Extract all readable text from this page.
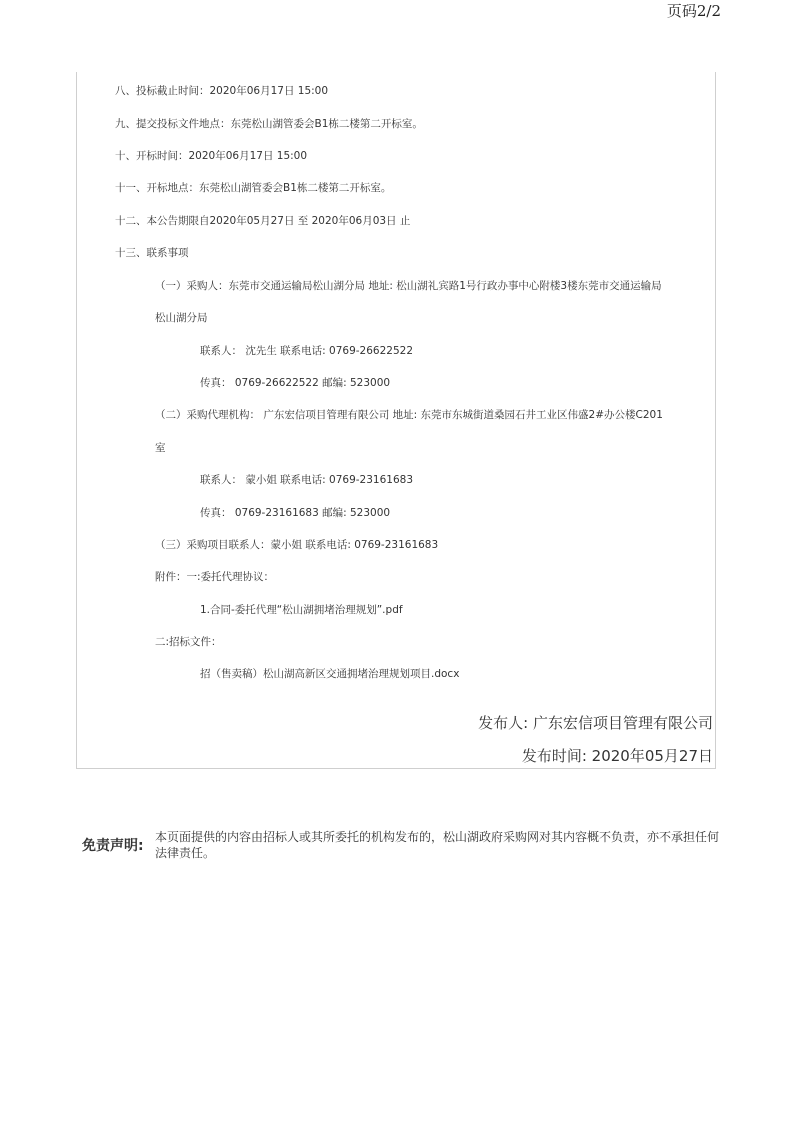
页码2/2
八、投标截止时间：2020年06月17日 15:00
九、提交投标文件地点：东莞松山湖管委会B1栋二楼第二开标室。
十、开标时间：2020年06月17日 15:00
十一、开标地点：东莞松山湖管委会B1栋二楼第二开标室。
十二、本公告期限自2020年05月27日 至 2020年06月03日 止
十三、联系事项
（一）采购人：东莞市交通运输局松山湖分局 地址: 松山湖礼宾路1号行政办事中心附楼3楼东莞市交通运输局
松山湖分局
联系人： 沈先生 联系电话: 0769-26622522
传真： 0769-26622522 邮编: 523000
（二）采购代理机构： 广东宏信项目管理有限公司 地址: 东莞市东城街道桑园石井工业区伟盛2#办公楼C201
室
联系人： 蒙小姐 联系电话: 0769-23161683
传真： 0769-23161683 邮编: 523000
（三）采购项目联系人：蒙小姐 联系电话: 0769-23161683
附件：一:委托代理协议：
1.合同-委托代理“松山湖拥堵治理规划”.pdf
二:招标文件：
招（售卖稿）松山湖高新区交通拥堵治理规划项目.docx
发布人: 广东宏信项目管理有限公司
发布时间: 2020年05月27日
免责声明:
本页面提供的内容由招标人或其所委托的机构发布的，松山湖政府采购网对其内容概不负责，亦不承担任何法律责任。
